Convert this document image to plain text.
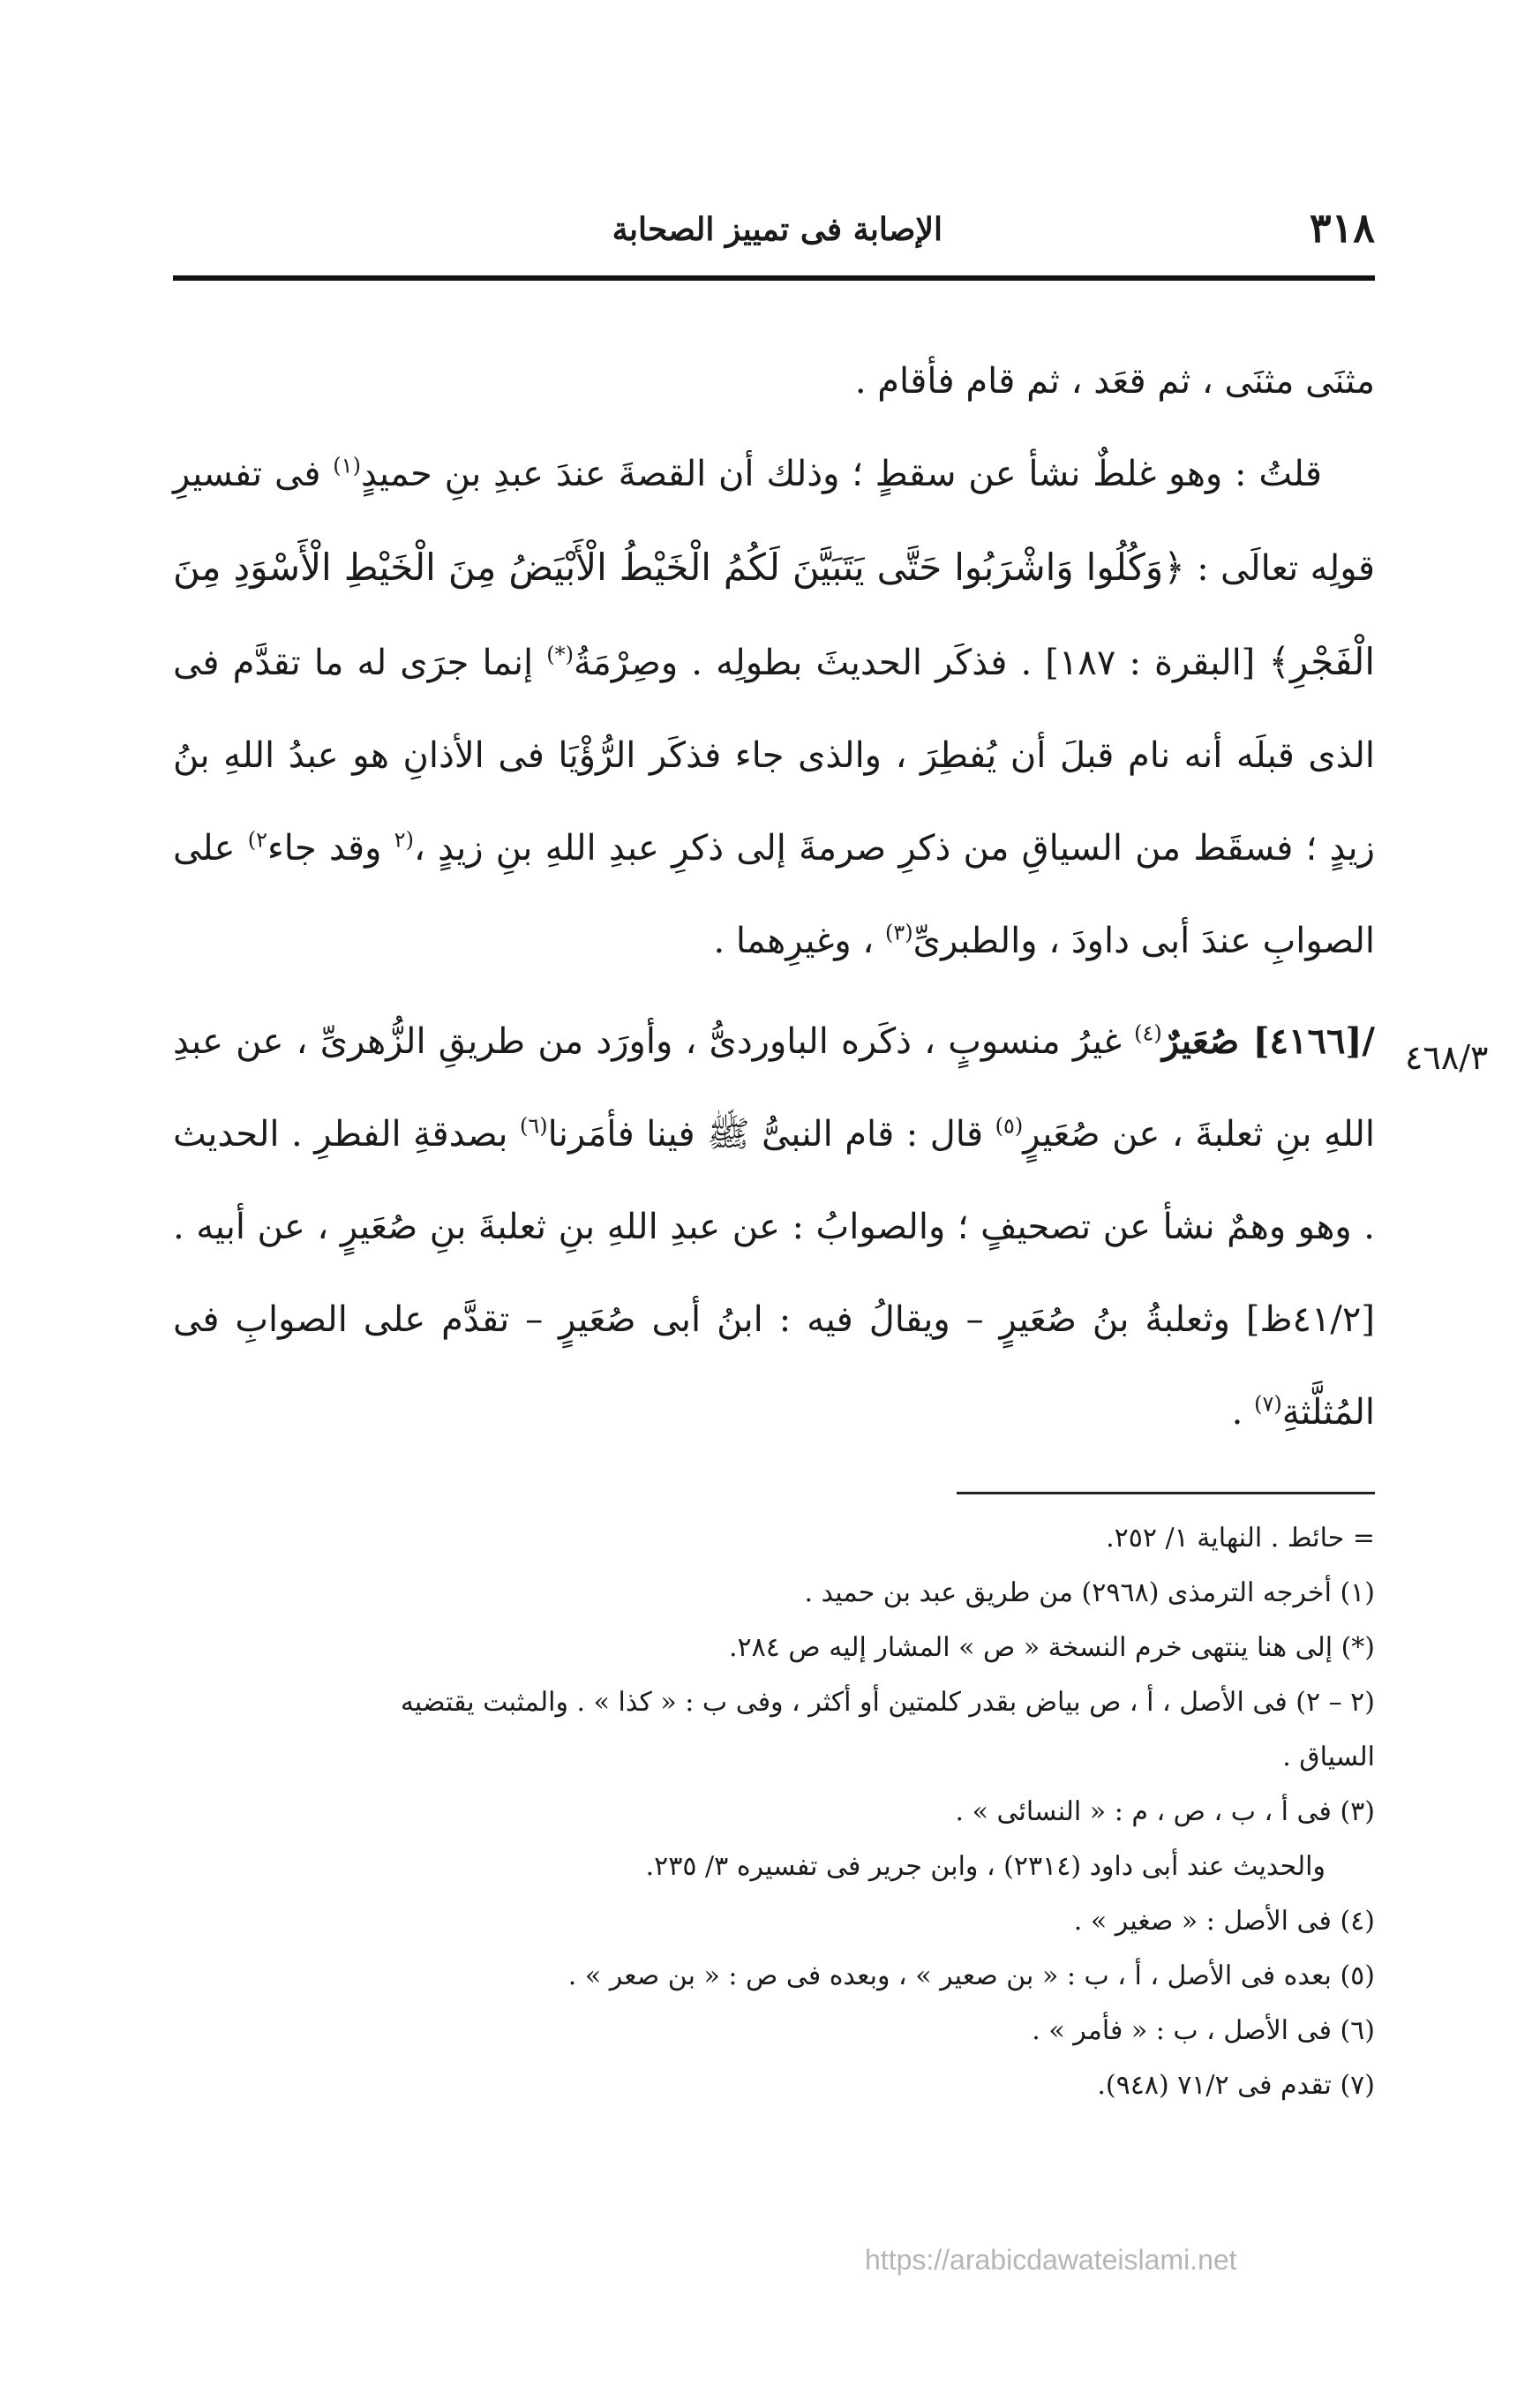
٣١٨
الإصابة فى تمييز الصحابة

مثنَى مثنَى ، ثم قعَد ، ثم قام فأقام .

قلتُ : وهو غلطٌ نشأ عن سقطٍ ؛ وذلك أن القصةَ عندَ عبدِ بنِ حميدٍ$^{(١)}$ فى تفسيرِ قولِه تعالَى : ﴿وَكُلُوا وَاشْرَبُوا حَتَّى يَتَبَيَّنَ لَكُمُ الْخَيْطُ الْأَبْيَضُ مِنَ الْخَيْطِ الْأَسْوَدِ مِنَ الْفَجْرِ﴾ [البقرة : ١٨٧] . فذكَر الحديثَ بطولِه . وصِرْمَةُ(*) إنما جرَى له ما تقدَّم فى الذى قبلَه أنه نام قبلَ أن يُفطِرَ ، والذى جاء فذكَر الرُّؤْيَا فى الأذانِ هو عبدُ اللهِ بنُ زيدٍ ؛ فسقَط من السياقِ من ذكرِ صرمةَ إلى ذكرِ عبدِ اللهِ بنِ زيدٍ ،$^{(٢}$ وقد جاء$^{٢)}$ على الصوابِ عندَ أبى داودَ ، والطبرىِّ$^{(٣)}$ ، وغيرِهما .

/[٤١٦٦] صُعَيرٌ$^{(٤)}$ غيرُ منسوبٍ ، ذكَره الباوردىُّ ، وأورَد من طريقِ الزُّهرىِّ ، عن عبدِ اللهِ بنِ ثعلبةَ ، عن صُعَيرٍ$^{(٥)}$ قال : قام النبىُّ ﷺ فينا فأمَرنا$^{(٦)}$ بصدقةِ الفطرِ . الحديث . وهو وهمٌ نشأ عن تصحيفٍ ؛ والصوابُ : عن عبدِ اللهِ بنِ ثعلبةَ بنِ صُعَيرٍ ، عن أبيه . [٤١/٢ظ] وثعلبةُ بنُ صُعَيرٍ – ويقالُ فيه : ابنُ أبى صُعَيرٍ – تقدَّم على الصوابِ فى المُثلَّثةِ$^{(٧)}$ .

٤٦٨/٣

= حائط . النهاية ١/ ٢٥٢.

(١) أخرجه الترمذى (٢٩٦٨) من طريق عبد بن حميد .

(*) إلى هنا ينتهى خرم النسخة « ص » المشار إليه ص ٢٨٤.

(٢ – ٢) فى الأصل ، أ ، ص بياض بقدر كلمتين أو أكثر ، وفى ب : « كذا » . والمثبت يقتضيه السياق .

(٣) فى أ ، ب ، ص ، م : « النسائى » .

والحديث عند أبى داود (٢٣١٤) ، وابن جرير فى تفسيره ٣/ ٢٣٥.

(٤) فى الأصل : « صغير » .

(٥) بعده فى الأصل ، أ ، ب : « بن صعير » ، وبعده فى ص : « بن صعر » .

(٦) فى الأصل ، ب : « فأمر » .

(٧) تقدم فى ٧١/٢ (٩٤٨).

https://arabicdawateislami.net
